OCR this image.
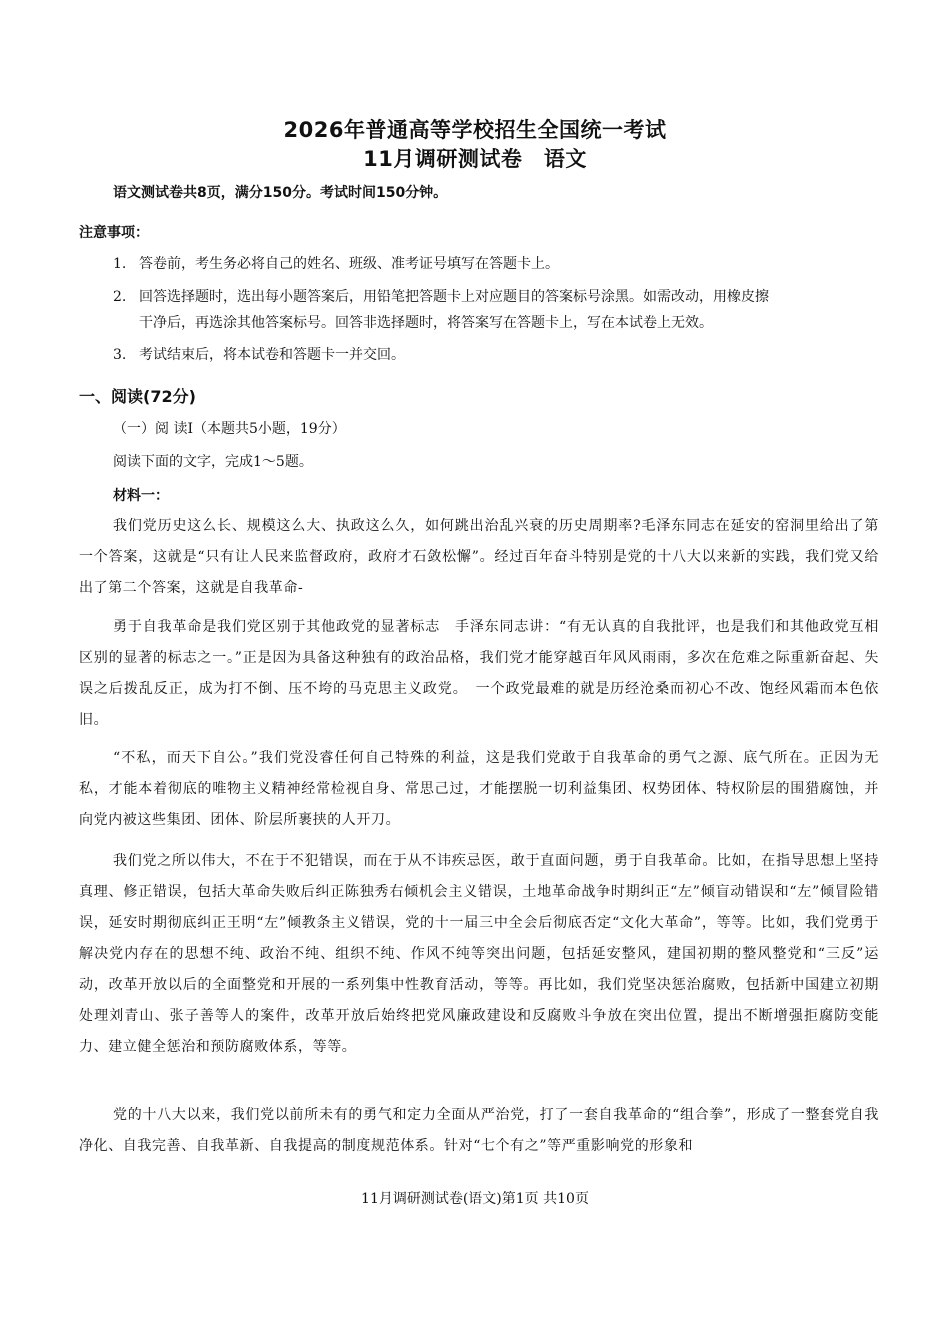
2026年普通高等学校招生全国统一考试
11月调研测试卷　语文
语文测试卷共8页，满分150分。考试时间150分钟。
注意事项：
1. 答卷前，考生务必将自己的姓名、班级、准考证号填写在答题卡上。
2. 回答选择题时，选出每小题答案后，用铅笔把答题卡上对应题目的答案标号涂黑。如需改动，用橡皮擦
干净后，再选涂其他答案标号。回答非选择题时，将答案写在答题卡上，写在本试卷上无效。
3. 考试结束后，将本试卷和答题卡一并交回。
一、阅读(72分)
（一）阅 读Ⅰ（本题共5小题，19分）
阅读下面的文字，完成1～5题。
材料一：
我们党历史这么长、规模这么大、执政这么久，如何跳出治乱兴衰的历史周期率?毛泽东同志在延安的窑洞里给出了第一个答案，这就是“只有让人民来监督政府，政府才石敛松懈”。经过百年奋斗特别是党的十八大以来新的实践，我们党又给出了第二个答案，这就是自我革命-
勇于自我革命是我们党区别于其他政党的显著标志　手泽东同志讲：“有无认真的自我批评，也是我们和其他政党互相区别的显著的标志之一。”正是因为具备这种独有的政治品格，我们党才能穿越百年风风雨雨，多次在危难之际重新奋起、失误之后拨乱反正，成为打不倒、压不垮的马克思主义政党。　一个政党最难的就是历经沧桑而初心不改、饱经风霜而本色依旧。
“不私，而天下自公。”我们党没睿任何自己特殊的利益，这是我们党敢于自我革命的勇气之源、底气所在。正因为无私，才能本着彻底的唯物主义精神经常检视自身、常思己过，才能摆脱一切利益集团、权势团体、特权阶层的围猎腐蚀，并向党内被这些集团、团体、阶层所裹挟的人开刀。
我们党之所以伟大，不在于不犯错误，而在于从不讳疾忌医，敢于直面问题，勇于自我革命。比如，在指导思想上坚持真理、修正错误，包括大革命失败后纠正陈独秀右倾机会主义错误，土地革命战争时期纠正“左”倾盲动错误和“左”倾冒险错误，延安时期彻底纠正王明“左”倾教条主义错误，党的十一届三中全会后彻底否定“文化大革命”，等等。比如，我们党勇于解决党内存在的思想不纯、政治不纯、组织不纯、作风不纯等突出问题，包括延安整风，建国初期的整风整党和“三反”运动，改革开放以后的全面整党和开展的一系列集中性教育活动，等等。再比如，我们党坚决惩治腐败，包括新中国建立初期处理刘青山、张子善等人的案件，改革开放后始终把党风廉政建设和反腐败斗争放在突出位置，提出不断增强拒腐防变能力、建立健全惩治和预防腐败体系，等等。
党的十八大以来，我们党以前所未有的勇气和定力全面从严治党，打了一套自我革命的“组合拳”，形成了一整套党自我净化、自我完善、自我革新、自我提高的制度规范体系。针对“七个有之”等严重影响党的形象和
11月调研测试卷(语文)第1页 共10页
